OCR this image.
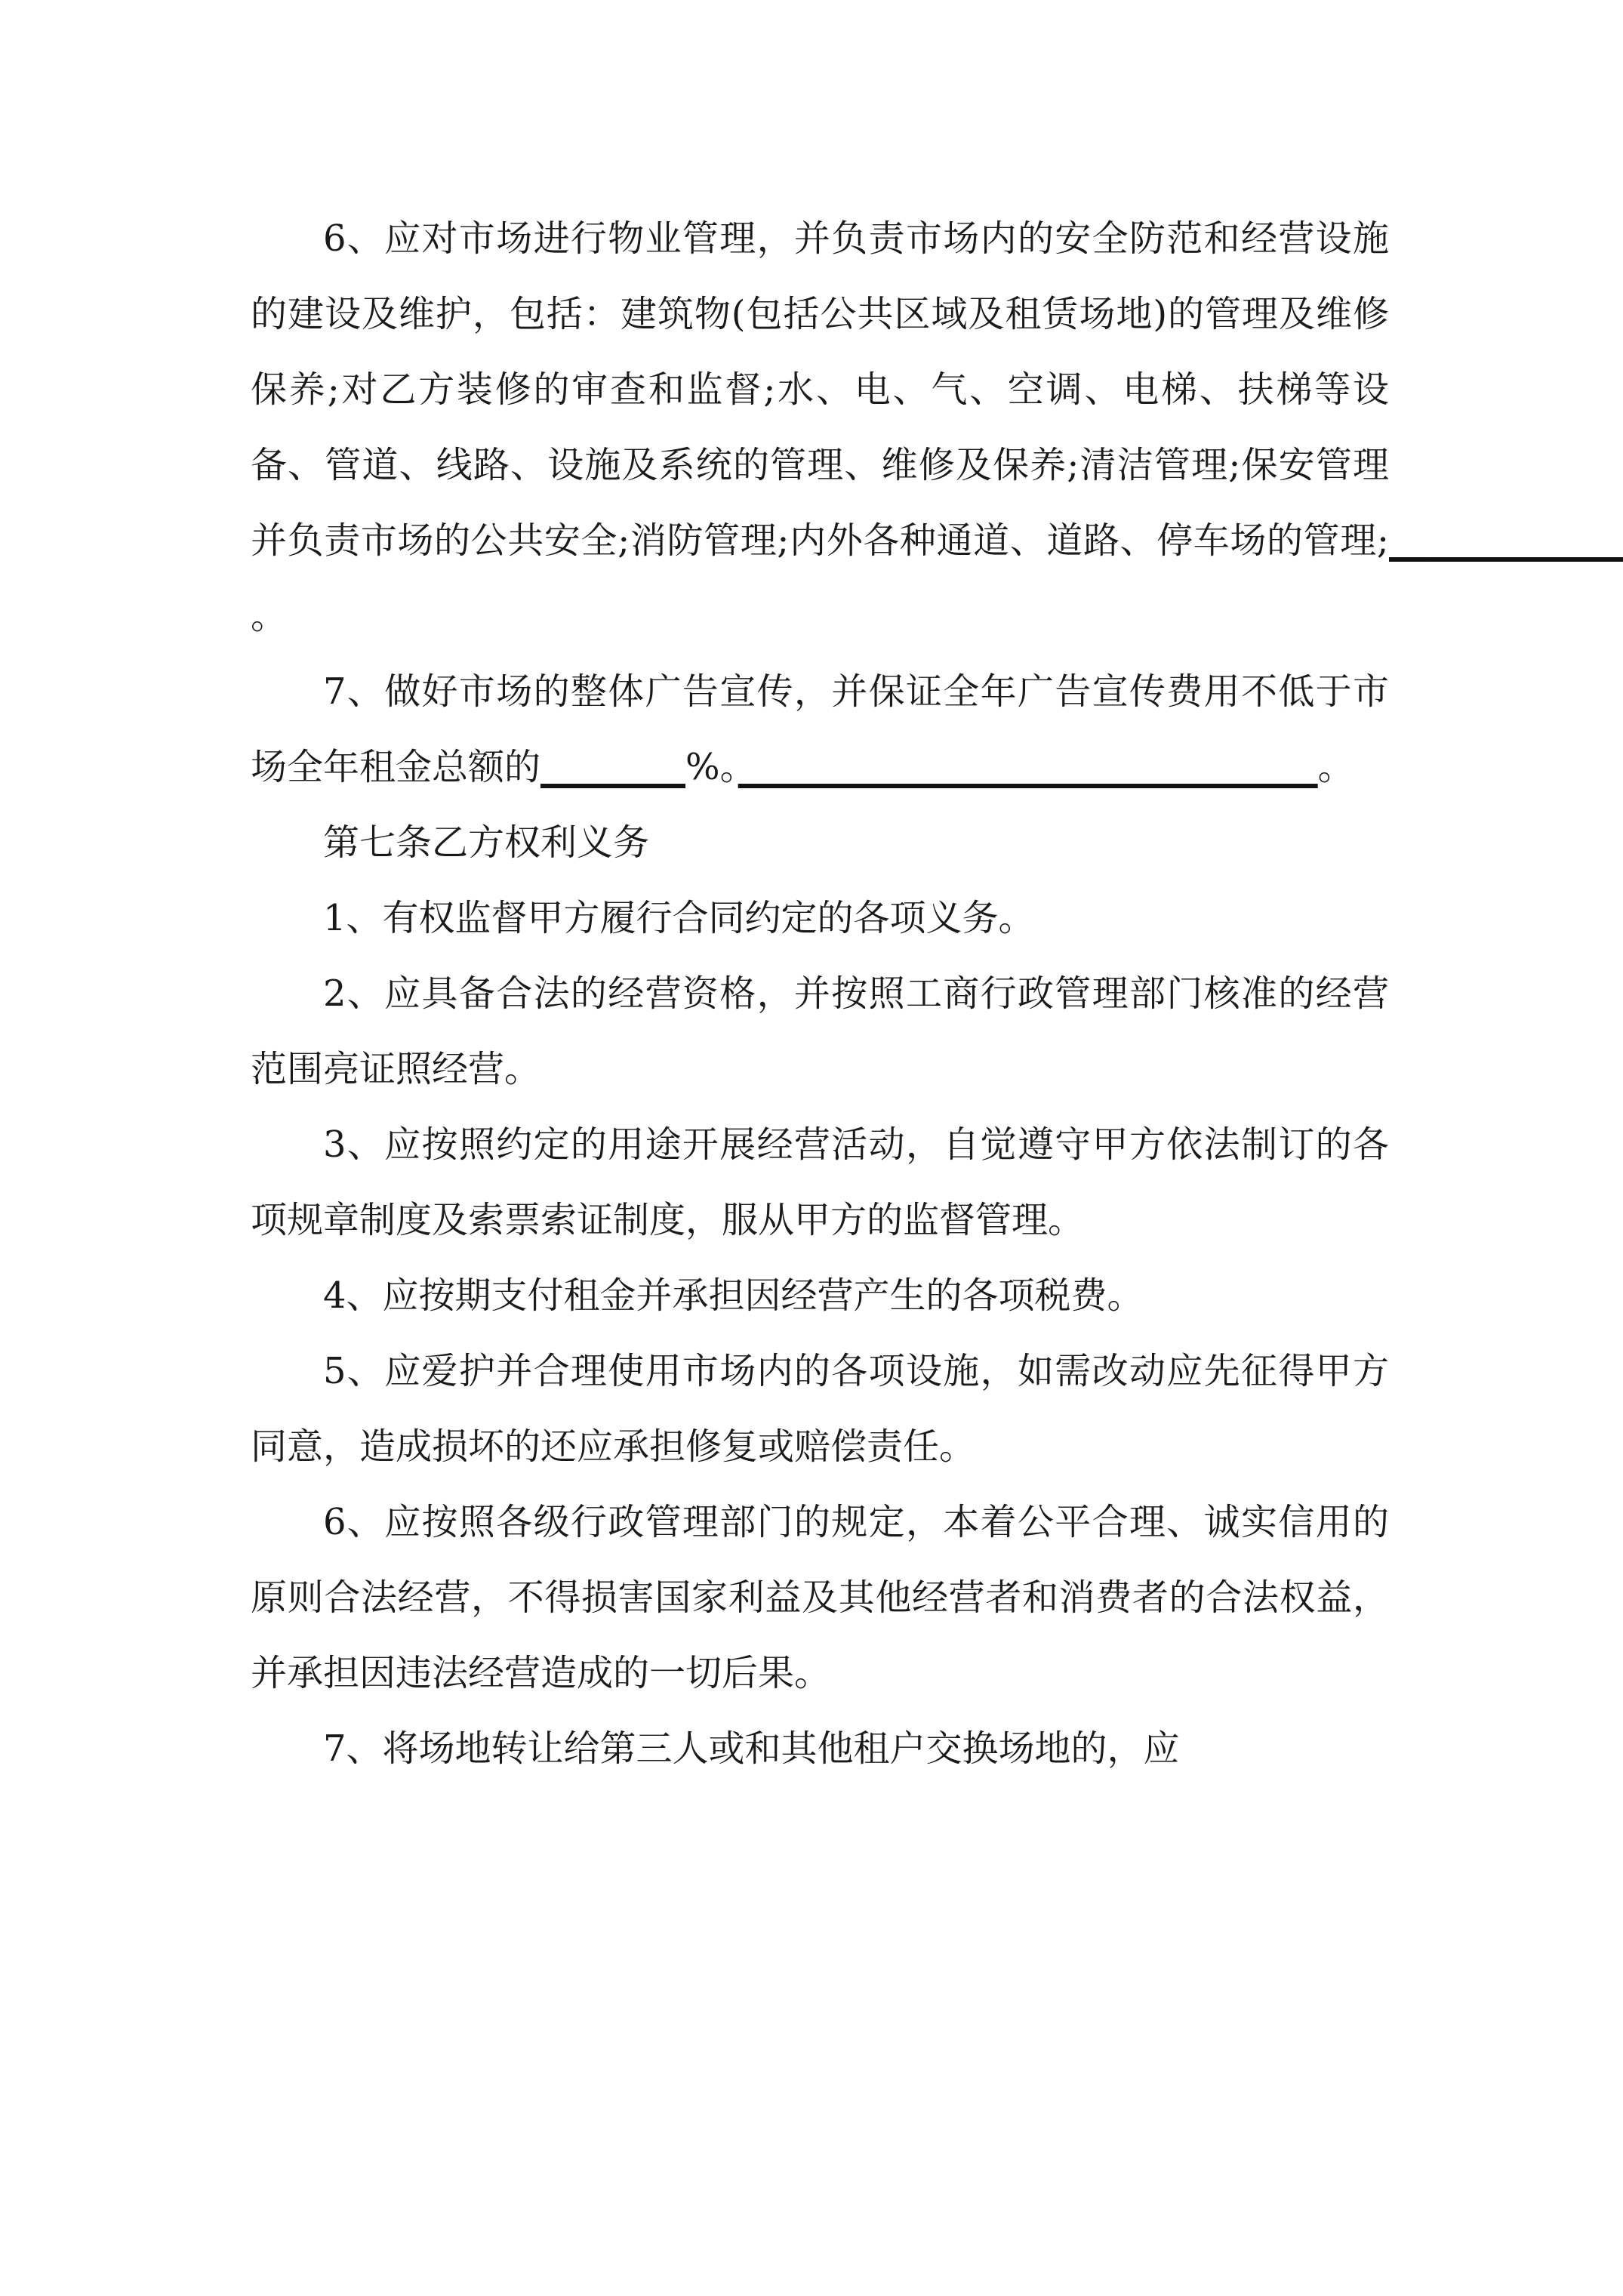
6、应对市场进行物业管理，并负责市场内的安全防范和经营设施的建设及维护，包括：建筑物(包括公共区域及租赁场地)的管理及维修保养;对乙方装修的审查和监督;水、电、气、空调、电梯、扶梯等设备、管道、线路、设施及系统的管理、维修及保养;清洁管理;保安管理并负责市场的公共安全;消防管理;内外各种通道、道路、停车场的管理;　　　　　　　　　　　　　　　　　　　　　　　　　　　　　　。

7、做好市场的整体广告宣传，并保证全年广告宣传费用不低于市场全年租金总额的　　　　	%。　　　　　　　　　　　　　　　　	。

第七条乙方权利义务

1、有权监督甲方履行合同约定的各项义务。

2、应具备合法的经营资格，并按照工商行政管理部门核准的经营范围亮证照经营。

3、应按照约定的用途开展经营活动，自觉遵守甲方依法制订的各项规章制度及索票索证制度，服从甲方的监督管理。

4、应按期支付租金并承担因经营产生的各项税费。

5、应爱护并合理使用市场内的各项设施，如需改动应先征得甲方同意，造成损坏的还应承担修复或赔偿责任。

6、应按照各级行政管理部门的规定，本着公平合理、诚实信用的原则合法经营，不得损害国家利益及其他经营者和消费者的合法权益，并承担因违法经营造成的一切后果。

7、将场地转让给第三人或和其他租户交换场地的，应
